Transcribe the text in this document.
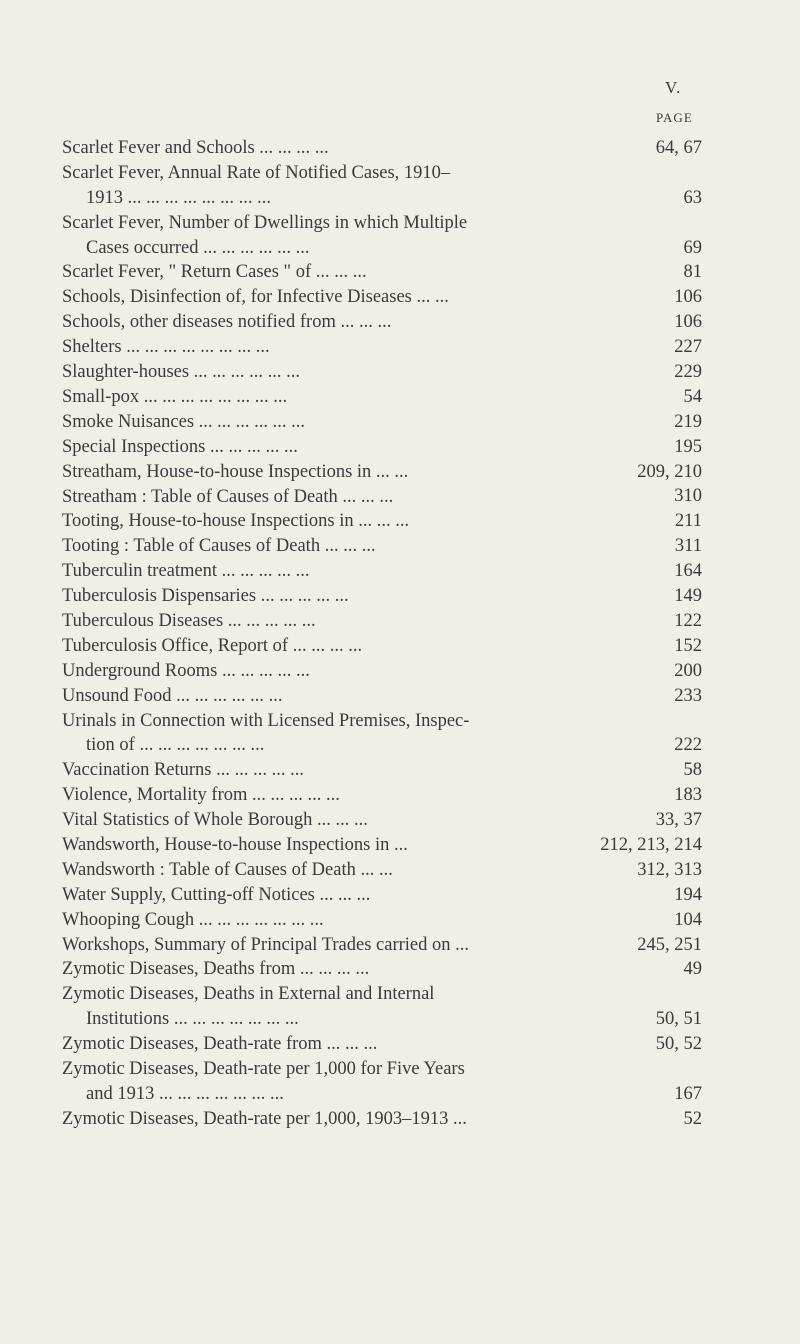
V.
PAGE
Scarlet Fever and Schools ... ... ... ...	64, 67
Scarlet Fever, Annual Rate of Notified Cases, 1910–
1913 ... ... ... ... ... ... ... ...	63
Scarlet Fever, Number of Dwellings in which Multiple
Cases occurred ... ... ... ... ... ...	69
Scarlet Fever, " Return Cases " of ... ... ...	81
Schools, Disinfection of, for Infective Diseases ... ...	106
Schools, other diseases notified from ... ... ...	106
Shelters ... ... ... ... ... ... ... ...	227
Slaughter-houses ... ... ... ... ... ...	229
Small-pox ... ... ... ... ... ... ... ...	54
Smoke Nuisances ... ... ... ... ... ...	219
Special Inspections ... ... ... ... ...	195
Streatham, House-to-house Inspections in ... ...	209, 210
Streatham : Table of Causes of Death ... ... ...	310
Tooting, House-to-house Inspections in ... ... ...	211
Tooting : Table of Causes of Death ... ... ...	311
Tuberculin treatment ... ... ... ... ...	164
Tuberculosis Dispensaries ... ... ... ... ...	149
Tuberculous Diseases ... ... ... ... ...	122
Tuberculosis Office, Report of ... ... ... ...	152
Underground Rooms ... ... ... ... ...	200
Unsound Food ... ... ... ... ... ...	233
Urinals in Connection with Licensed Premises, Inspec-
tion of ... ... ... ... ... ... ...	222
Vaccination Returns ... ... ... ... ...	58
Violence, Mortality from ... ... ... ... ...	183
Vital Statistics of Whole Borough ... ... ...	33, 37
Wandsworth, House-to-house Inspections in ...	212, 213, 214
Wandsworth : Table of Causes of Death ... ...	312, 313
Water Supply, Cutting-off Notices ... ... ...	194
Whooping Cough ... ... ... ... ... ... ...	104
Workshops, Summary of Principal Trades carried on ...	245, 251
Zymotic Diseases, Deaths from ... ... ... ...	49
Zymotic Diseases, Deaths in External and Internal
Institutions ... ... ... ... ... ... ...	50, 51
Zymotic Diseases, Death-rate from ... ... ...	50, 52
Zymotic Diseases, Death-rate per 1,000 for Five Years
and 1913 ... ... ... ... ... ... ...	167
Zymotic Diseases, Death-rate per 1,000, 1903–1913 ...	52
